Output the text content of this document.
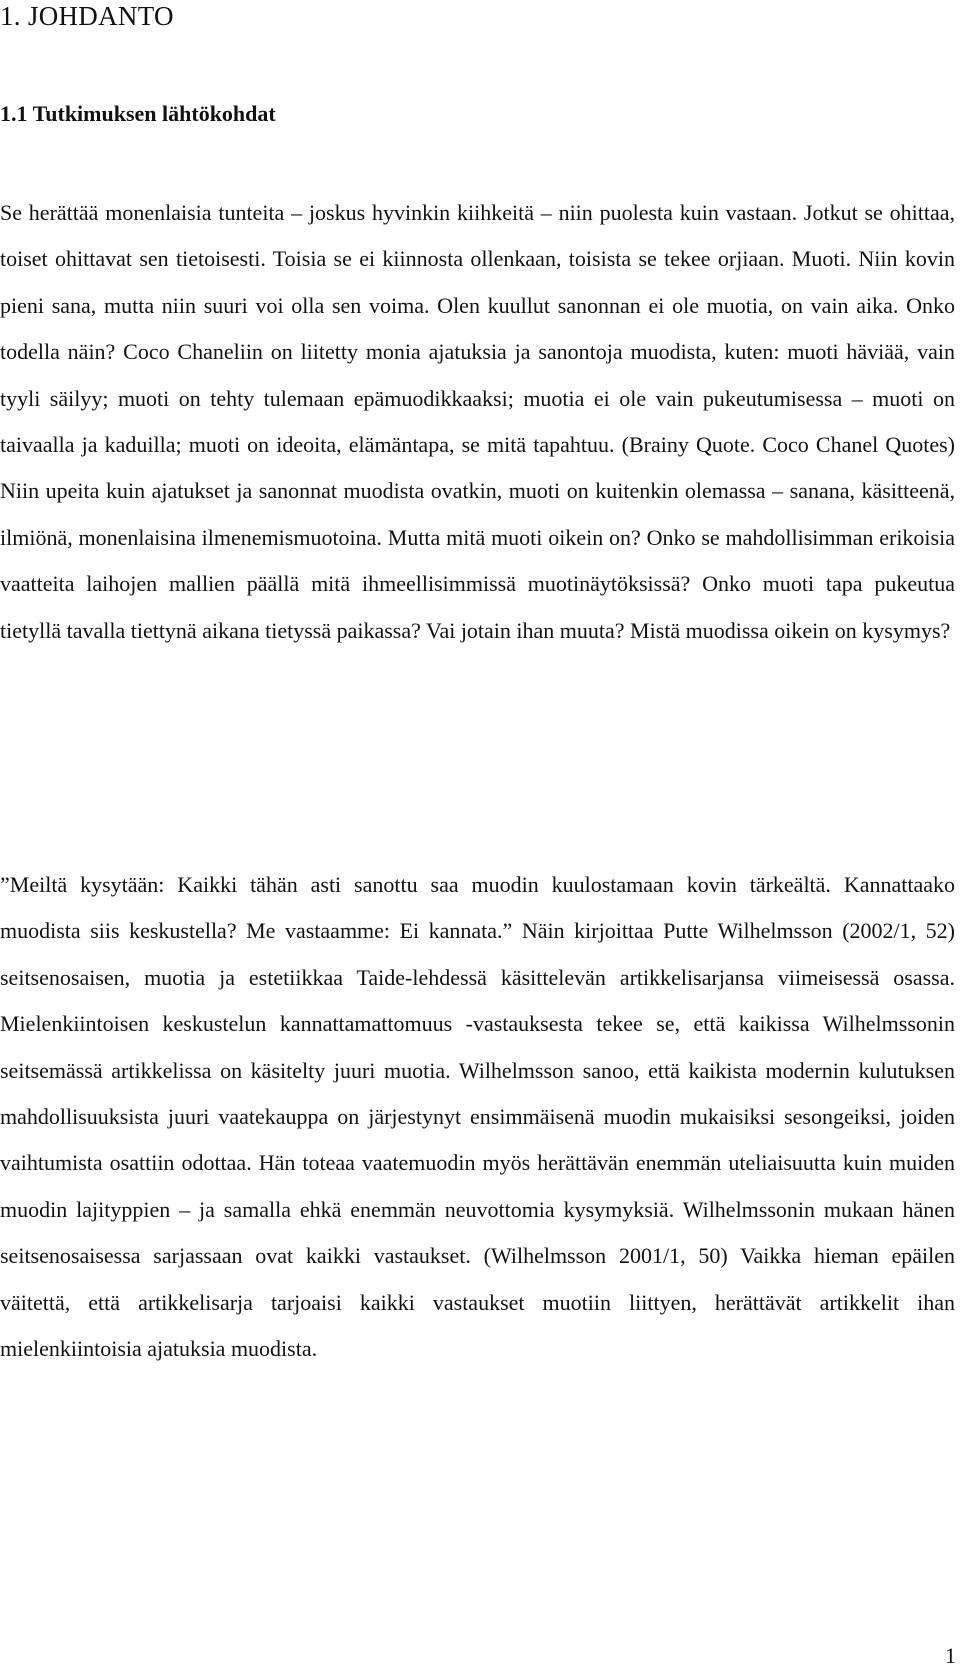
1. JOHDANTO
1.1 Tutkimuksen lähtökohdat

Se herättää monenlaisia tunteita – joskus hyvinkin kiihkeitä – niin puolesta kuin vastaan. Jotkut se ohittaa, toiset ohittavat sen tietoisesti. Toisia se ei kiinnosta ollenkaan, toisista se tekee orjiaan. Muoti. Niin kovin pieni sana, mutta niin suuri voi olla sen voima. Olen kuullut sanonnan ei ole muotia, on vain aika. Onko todella näin? Coco Chaneliin on liitetty monia ajatuksia ja sanontoja muodista, kuten: muoti häviää, vain tyyli säilyy; muoti on tehty tulemaan epämuodikkaaksi; muotia ei ole vain pukeutumisessa – muoti on taivaalla ja kaduilla; muoti on ideoita, elämäntapa, se mitä tapahtuu. (Brainy Quote. Coco Chanel Quotes) Niin upeita kuin ajatukset ja sanonnat muodista ovatkin, muoti on kuitenkin olemassa – sanana, käsitteenä, ilmiönä, monenlaisina ilmenemismuotoina. Mutta mitä muoti oikein on? Onko se mahdollisimman erikoisia vaatteita laihojen mallien päällä mitä ihmeellisimmissä muotinäytöksissä? Onko muoti tapa pukeutua tietyllä tavalla tiettynä aikana tietyssä paikassa? Vai jotain ihan muuta? Mistä muodissa oikein on kysymys?

”Meiltä kysytään: Kaikki tähän asti sanottu saa muodin kuulostamaan kovin tärkeältä. Kannattaako muodista siis keskustella? Me vastaamme: Ei kannata.” Näin kirjoittaa Putte Wilhelmsson (2002/1, 52) seitsenosaisen, muotia ja estetiikkaa Taide-lehdessä käsittelevän artikkelisarjansa viimeisessä osassa. Mielenkiintoisen keskustelun kannattamattomuus -vastauksesta tekee se, että kaikissa Wilhelmssonin seitsemässä artikkelissa on käsitelty juuri muotia. Wilhelmsson sanoo, että kaikista modernin kulutuksen mahdollisuuksista juuri vaatekauppa on järjestynyt ensimmäisenä muodin mukaisiksi sesongeiksi, joiden vaihtumista osattiin odottaa. Hän toteaa vaatemuodin myös herättävän enemmän uteliaisuutta kuin muiden muodin lajityppien – ja samalla ehkä enemmän neuvottomia kysymyksiä. Wilhelmssonin mukaan hänen seitsenosaisessa sarjassaan ovat kaikki vastaukset. (Wilhelmsson 2001/1, 50) Vaikka hieman epäilen väitettä, että artikkelisarja tarjoaisi kaikki vastaukset muotiin liittyen, herättävät artikkelit ihan mielenkiintoisia ajatuksia muodista.

1
